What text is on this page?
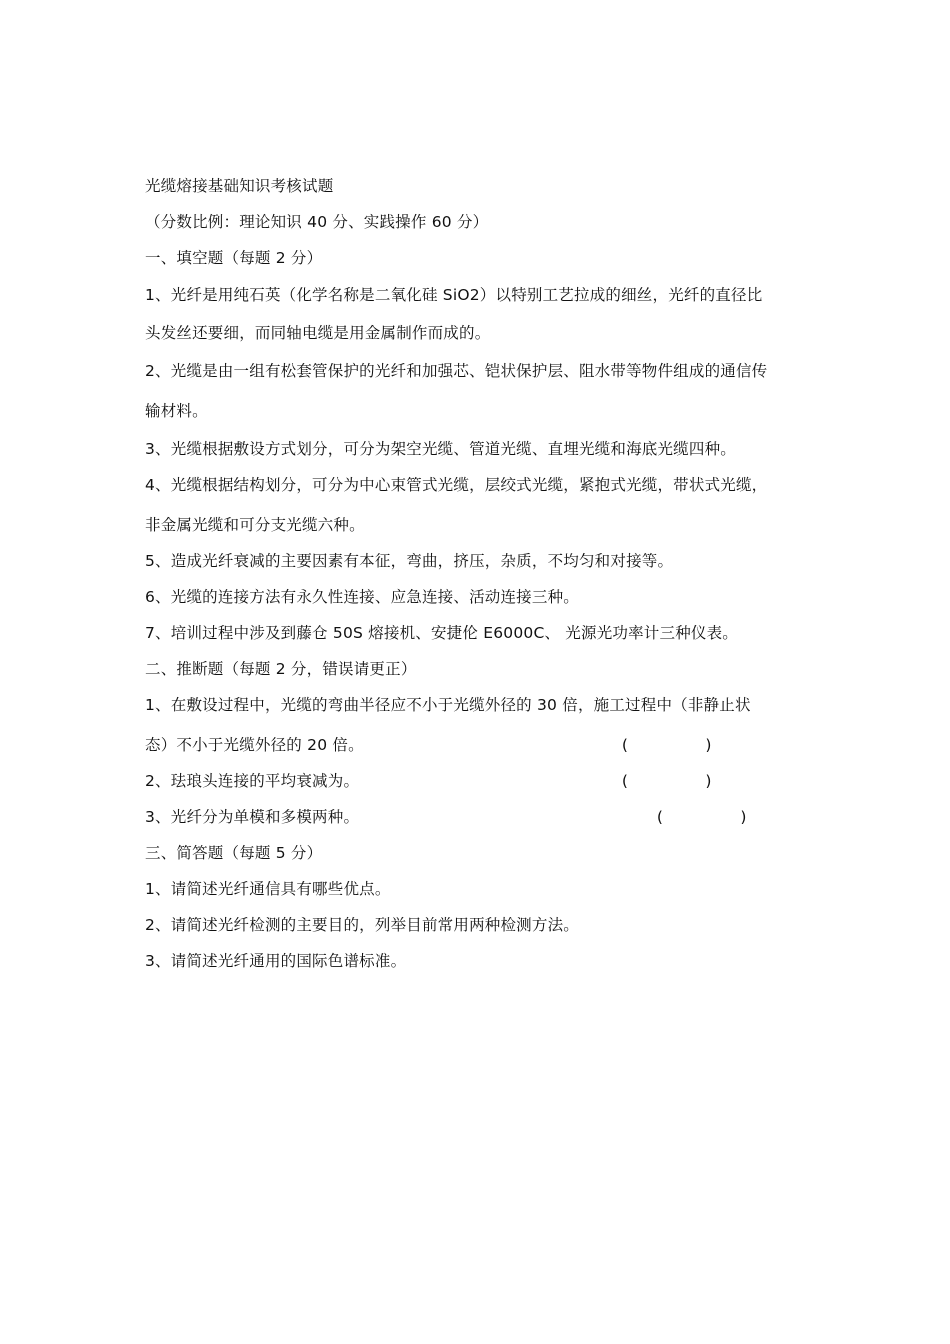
光缆熔接基础知识考核试题
（分数比例：理论知识 40 分、实践操作 60 分）
一、填空题（每题 2 分）
1、光纤是用纯石英（化学名称是二氧化硅 SiO2）以特别工艺拉成的细丝，光纤的直径比
头发丝还要细，而同轴电缆是用金属制作而成的。
2、光缆是由一组有松套管保护的光纤和加强芯、铠状保护层、阻水带等物件组成的通信传
输材料。
3、光缆根据敷设方式划分，可分为架空光缆、管道光缆、直埋光缆和海底光缆四种。
4、光缆根据结构划分，可分为中心束管式光缆，层绞式光缆，紧抱式光缆，带状式光缆，
非金属光缆和可分支光缆六种。
5、造成光纤衰减的主要因素有本征，弯曲，挤压，杂质，不均匀和对接等。
6、光缆的连接方法有永久性连接、应急连接、活动连接三种。
7、培训过程中涉及到藤仓 50S 熔接机、安捷伦 E6000C、 光源光功率计三种仪表。
二、推断题（每题 2 分，错误请更正）
1、在敷设过程中，光缆的弯曲半径应不小于光缆外径的 30 倍，施工过程中（非静止状
态）不小于光缆外径的 20 倍。	(        )
2、珐琅头连接的平均衰减为。	(        )
3、光纤分为单模和多模两种。	(        )
三、简答题（每题 5 分）
1、请简述光纤通信具有哪些优点。
2、请简述光纤检测的主要目的，列举目前常用两种检测方法。
3、请简述光纤通用的国际色谱标准。
